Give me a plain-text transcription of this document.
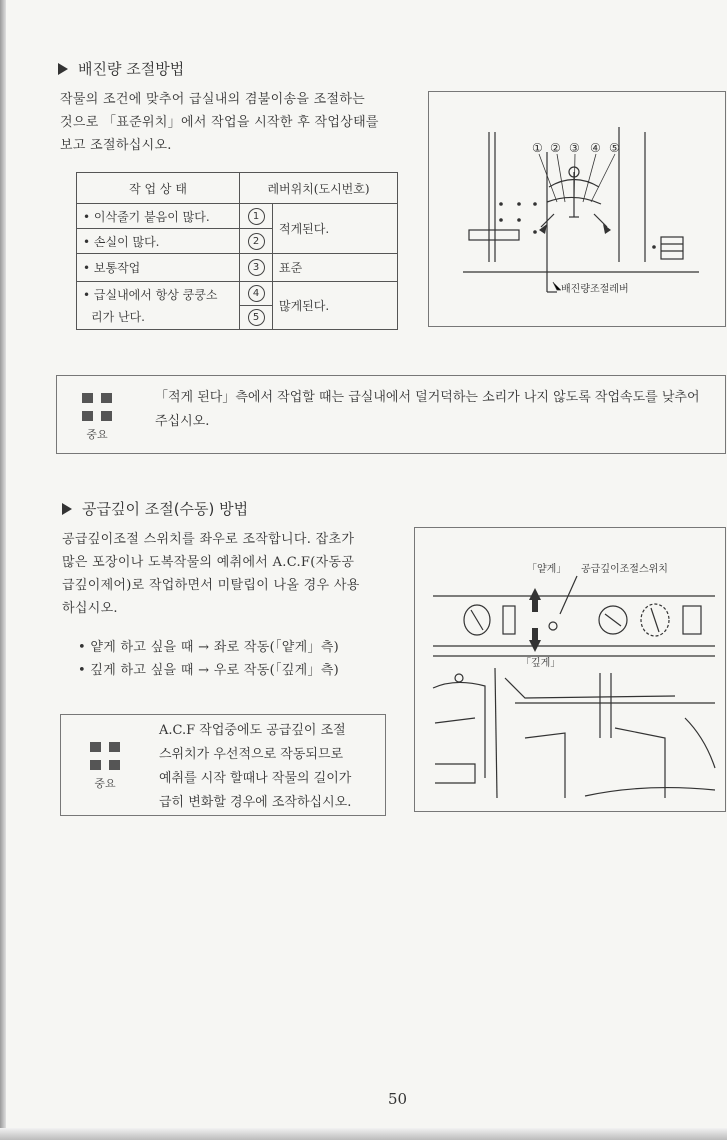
배진량 조절방법
작물의 조건에 맞추어 급실내의 겸불이송을 조절하는
것으로 「표준위치」에서 작업을 시작한 후 작업상태를
보고 조절하십시오.
작 업 상 태	레버위치(도시번호)	
• 이삭줄기 붙음이 많다.	1	적게된다.
• 손실이 많다.	2	
• 보통작업	3	표준

• 급실내에서 항상 쿵쿵소
리가 난다.	4	많게된다.
	5	
① ② ③ ④ ⑤
배진량조절레버
중요
「적게 된다」측에서 작업할 때는 급실내에서 덜거덕하는 소리가 나지 않도록 작업속도를 낮추어
주십시오.
공급깊이 조절(수동) 방법
공급깊이조절 스위치를 좌우로 조작합니다. 잡초가
많은 포장이나 도복작물의 예취에서 A.C.F(자동공
급깊이제어)로 작업하면서 미탈립이 나올 경우 사용
하십시오.
• 얕게 하고 싶을 때 → 좌로 작동(「얕게」측)
• 깊게 하고 싶을 때 → 우로 작동(「깊게」측)
「얕게」 공급깊이조절스위치
「깊게」
중요
A.C.F 작업중에도 공급깊이 조절
스위치가 우선적으로 작동되므로
예취를 시작 할때나 작물의 길이가
급히 변화할 경우에 조작하십시오.
50
